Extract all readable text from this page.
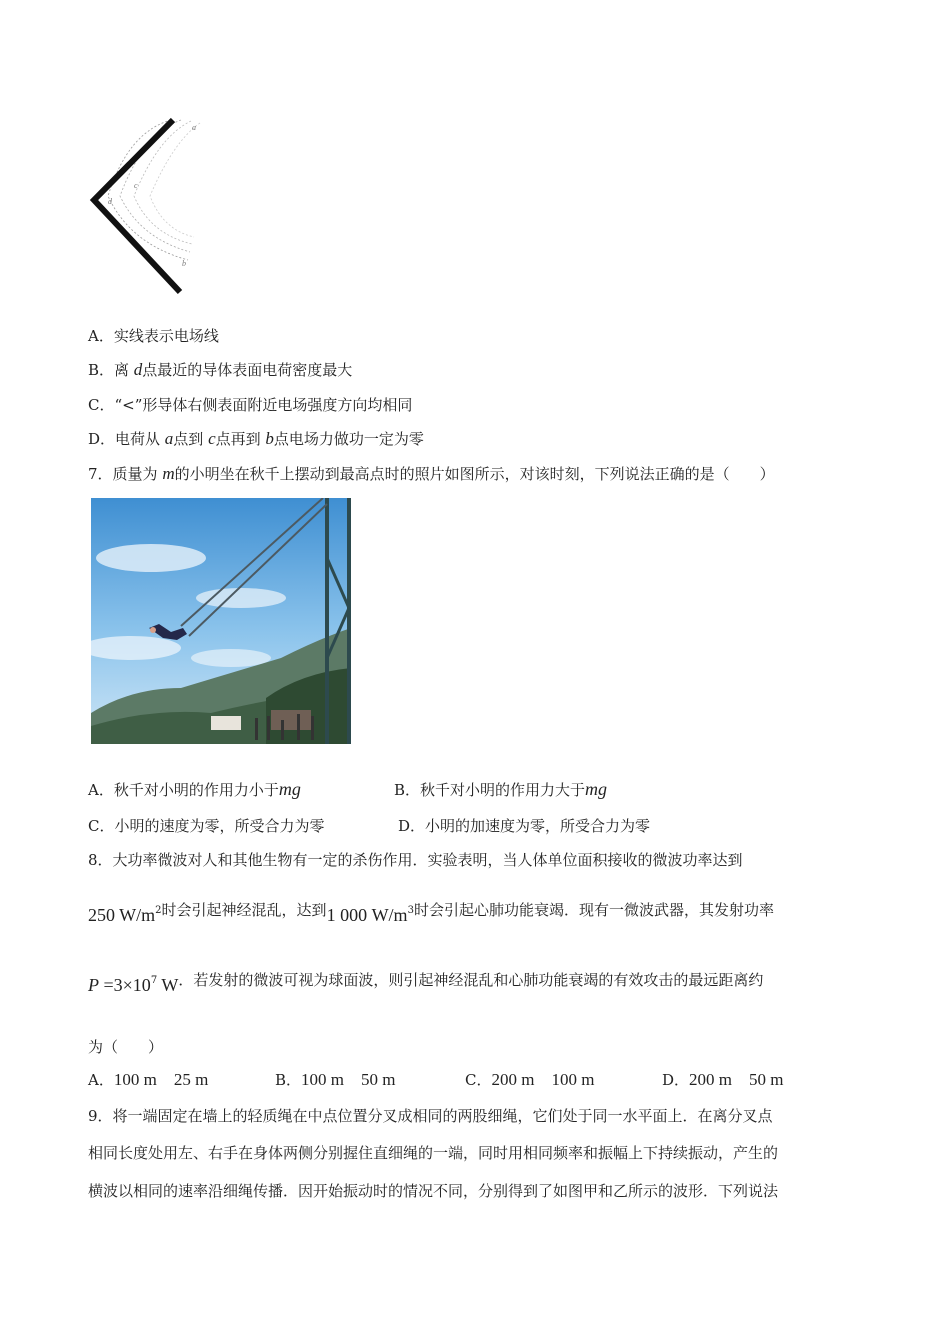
a
c
d
b
A．实线表示电场线
B．离 d点最近的导体表面电荷密度最大
C．“<”形导体右侧表面附近电场强度方向均相同
D．电荷从 a点到 c点再到 b点电场力做功一定为零
7．质量为 m的小明坐在秋千上摆动到最高点时的照片如图所示，对该时刻，下列说法正确的是（　　）
A．秋千对小明的作用力小于mg	B．秋千对小明的作用力大于mg
C．小明的速度为零，所受合力为零	D．小明的加速度为零，所受合力为零
8．大功率微波对人和其他生物有一定的杀伤作用．实验表明，当人体单位面积接收的微波功率达到
250 $W/m^2$时会引起神经混乱，达到1 000 $W/m^3$时会引起心肺功能衰竭．现有一微波武器，其发射功率
$P =3\times 10^7$ W．若发射的微波可视为球面波，则引起神经混乱和心肺功能衰竭的有效攻击的最远距离约
为（　　）
A．100 m　25 m	B．100 m　50 m	C．200 m　100 m	D．200 m　50 m
9．将一端固定在墙上的轻质绳在中点位置分叉成相同的两股细绳，它们处于同一水平面上．在离分叉点
相同长度处用左、右手在身体两侧分别握住直细绳的一端，同时用相同频率和振幅上下持续振动，产生的
横波以相同的速率沿细绳传播．因开始振动时的情况不同，分别得到了如图甲和乙所示的波形．下列说法
